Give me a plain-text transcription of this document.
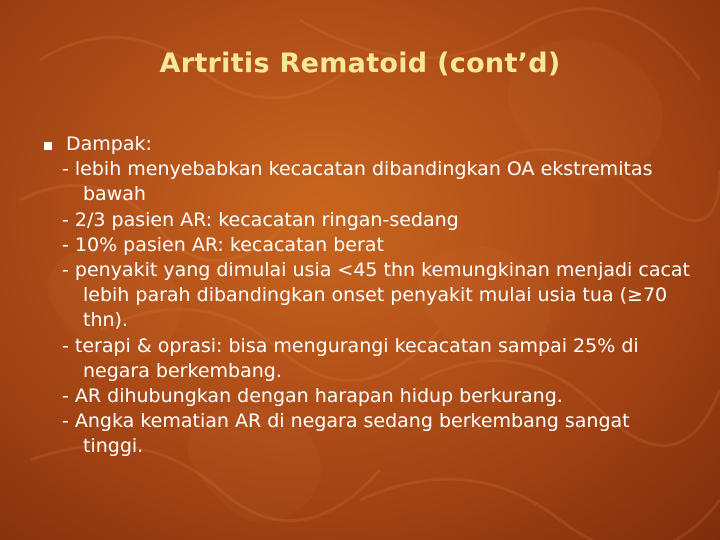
Artritis Rematoid (cont’d)
Dampak:
- lebih menyebabkan kecacatan dibandingkan OA ekstremitas bawah
- 2/3 pasien AR: kecacatan ringan-sedang
- 10% pasien AR: kecacatan berat
- penyakit yang dimulai usia <45 thn kemungkinan menjadi cacat lebih parah dibandingkan onset penyakit mulai usia tua (≥70 thn).
- terapi & oprasi: bisa mengurangi kecacatan sampai 25% di negara berkembang.
- AR dihubungkan dengan harapan hidup berkurang.
- Angka kematian AR di negara sedang berkembang sangat tinggi.
